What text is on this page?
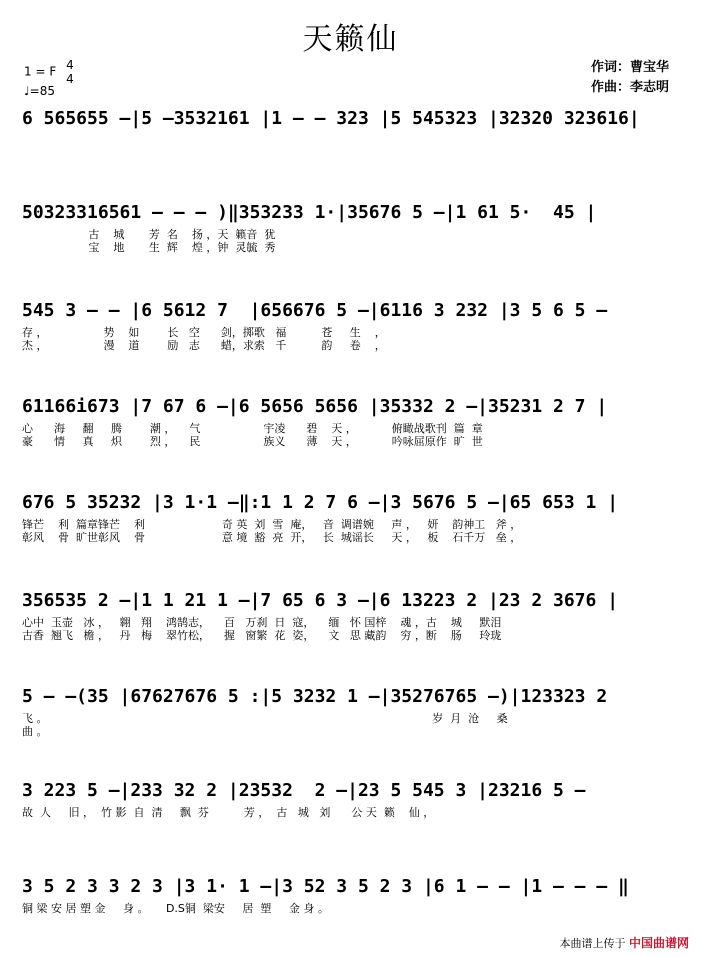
天籁仙
1 = F 4
4
♩=85
作词：曹宝华
作曲：李志明
6 565655 –|5 –3532161 |1 – – 323 |5 545323 |32320 323616|
50323316561 – – – )‖353233 1·|35676 5 –|1 61 5·  45 |
古    城       芳  名    扬 ，天  籁音  犹
宝    地       生  辉    煌 ，钟  灵毓  秀
545 3 – – |6 5612 7  |656676 5 –|6116 3 232 |3 5 6 5 –
存 ，                势    如        长   空      剑，掷歌   福          苍     生    ，
杰 ，                漫    道        励   志      蜡，求索   千          韵     卷    ，
61166i673 |7 67 6 –|6 5656 5656 |35332 2 –|35231 2 7 |
心      海     翻     腾        潮 ，    气                  宇凌      碧    天 ，          俯瞰战歌刊  篇  章
豪      情     真     炽        烈 ，    民                  族义      薄    天 ，          吟咏屈原作  旷  世
676 5 35232 |3 1·1 –‖:1 1 2 7 6 –|3 5676 5 –|65 653 1 |
锋芒    利  篇章锋芒    利                      奇 英  刘  雪  庵，   音  调谱婉     声 ，   妍    韵神工   斧 ，
彰风    骨  旷世彰风    骨                      意 境  豁  亮  开，   长  城谣长     天 ，   板    石千万   垒 ，
356535 2 –|1 1 21 1 –|7 65 6 3 –|6 13223 2 |23 2 3676 |
心中  玉壶   冰 ，   翱   翔    鸿鹄志，    百   万刹  日  寇，    缅   怀 国梓    魂 ，古    城     默泪
古香  翘飞   檐 ，   丹   梅    翠竹松，    握   窗繁  花  姿，    文   思 藏韵    穷 ，断    肠     玲珑
5 – –(35 |67627676 5 :|5 3232 1 –|35276765 –)|123323 2
飞 。                                                                                                              岁  月  沧     桑
曲 。
3 223 5 –|233 32 2 |23532  2 –|23 5 545 3 |23216 5 –
故  人     旧 ，  竹 影  自  清     飘  芬          芳 ，  古   城   刘      公 天  籁    仙 ，
3 5 2 3 3 2 3 |3 1· 1 –|3 52 3 5 2 3 |6 1 – – |1 – – – ‖
铜 梁 安 居 塑 金     身 。     D.S铜  梁安     居  塑     金 身 。
本曲谱上传于 中国曲谱网
